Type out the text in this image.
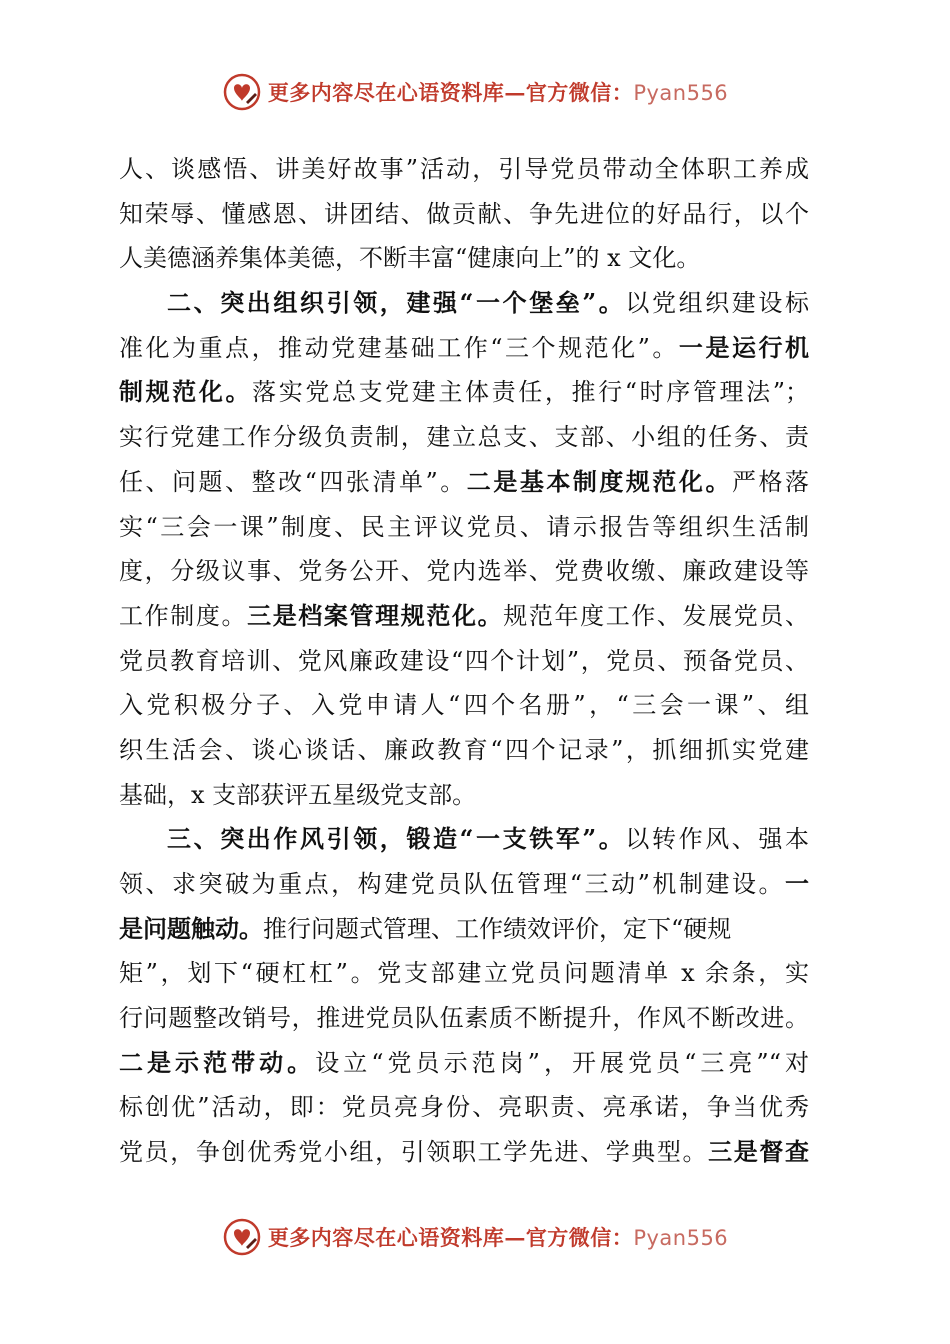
更多内容尽在心语资料库—官方微信：Pyan556
人、谈感悟、讲美好故事”活动，引导党员带动全体职工养成
知荣辱、懂感恩、讲团结、做贡献、争先进位的好品行，以个
人美德涵养集体美德，不断丰富“健康向上”的 x 文化。
二、突出组织引领，建强“一个堡垒”。以党组织建设标
准化为重点，推动党建基础工作“三个规范化”。一是运行机
制规范化。落实党总支党建主体责任，推行“时序管理法”；
实行党建工作分级负责制，建立总支、支部、小组的任务、责
任、问题、整改“四张清单”。二是基本制度规范化。严格落
实“三会一课”制度、民主评议党员、请示报告等组织生活制
度，分级议事、党务公开、党内选举、党费收缴、廉政建设等
工作制度。三是档案管理规范化。规范年度工作、发展党员、
党员教育培训、党风廉政建设“四个计划”，党员、预备党员、
入党积极分子、入党申请人“四个名册”，“三会一课”、组
织生活会、谈心谈话、廉政教育“四个记录”，抓细抓实党建
基础，x 支部获评五星级党支部。
三、突出作风引领，锻造“一支铁军”。以转作风、强本
领、求突破为重点，构建党员队伍管理“三动”机制建设。一
是问题触动。推行问题式管理、工作绩效评价，定下“硬规
矩”，划下“硬杠杠”。党支部建立党员问题清单 x 余条，实
行问题整改销号，推进党员队伍素质不断提升，作风不断改进。
二是示范带动。设立“党员示范岗”，开展党员“三亮”“对
标创优”活动，即：党员亮身份、亮职责、亮承诺，争当优秀
党员，争创优秀党小组，引领职工学先进、学典型。三是督查
更多内容尽在心语资料库—官方微信：Pyan556
